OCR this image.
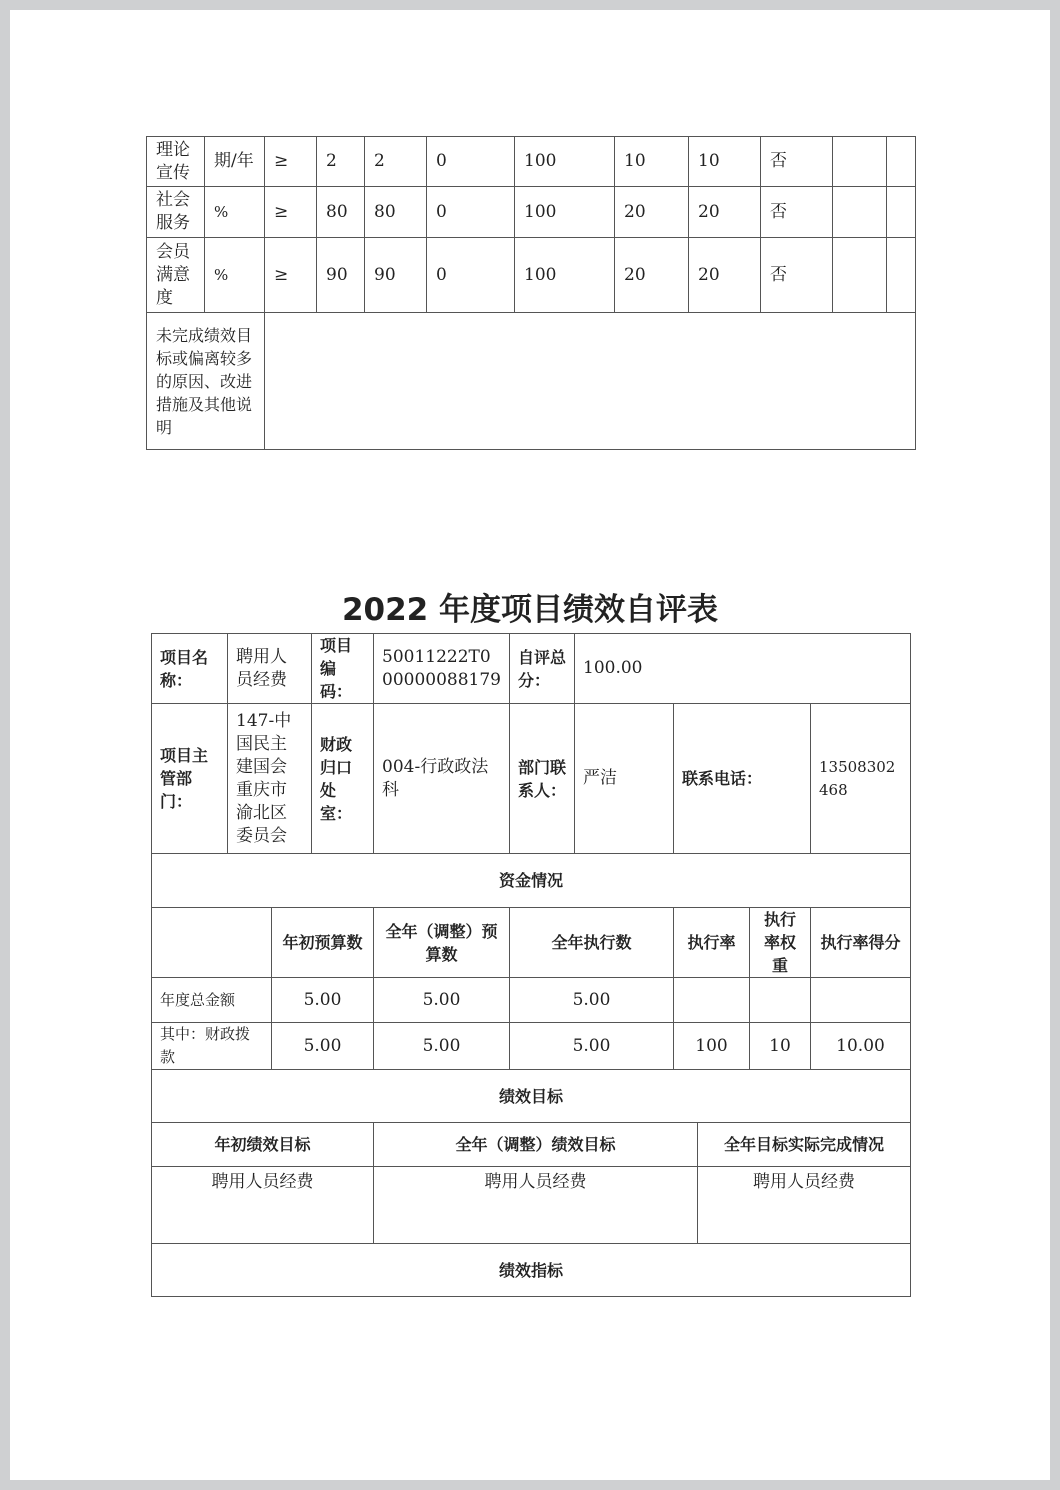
理论宣传	期/年	≥	2	2	0	100	10	10	否		
社会服务	%	≥	80	80	0	100	20	20	否		
会员满意度	%	≥	90	90	0	100	20	20	否		
未完成绩效目标或偏离较多的原因、改进措施及其他说明											
2022 年度项目绩效自评表
项目名称：	聘用人员经费		项目编码：	50011222T000000088179	自评总分：	100.00				
项目主管部门：	147-中国民主建国会重庆市渝北区委员会		财政归口处室：	004-行政政法科	部门联系人：	严洁	联系电话：			13508302468
资金情况										
		年初预算数		全年（调整）预算数	全年执行数		执行率		执行率权重	执行率得分
年度总金额		5.00		5.00	5.00					
其中：财政拨款		5.00		5.00	5.00		100		10	10.00
绩效目标										
年初绩效目标				全年（调整）绩效目标				全年目标实际完成情况		
聘用人员经费				聘用人员经费				聘用人员经费		
绩效指标										
